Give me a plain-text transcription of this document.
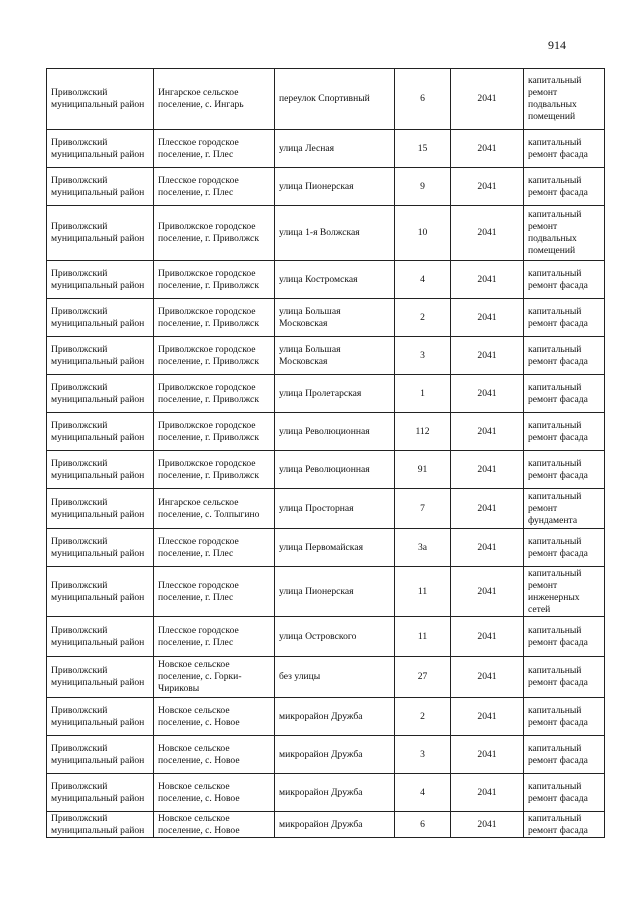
914
Приволжский муниципальный район	Ингарское сельское поселение, с. Ингарь	переулок Спортивный	6	2041	капитальный ремонт подвальных помещений
Приволжский муниципальный район	Плесское городское поселение, г. Плес	улица Лесная	15	2041	капитальный ремонт фасада
Приволжский муниципальный район	Плесское городское поселение, г. Плес	улица Пионерская	9	2041	капитальный ремонт фасада
Приволжский муниципальный район	Приволжское городское поселение, г. Приволжск	улица 1-я Волжская	10	2041	капитальный ремонт подвальных помещений
Приволжский муниципальный район	Приволжское городское поселение, г. Приволжск	улица Костромская	4	2041	капитальный ремонт фасада
Приволжский муниципальный район	Приволжское городское поселение, г. Приволжск	улица Большая Московская	2	2041	капитальный ремонт фасада
Приволжский муниципальный район	Приволжское городское поселение, г. Приволжск	улица Большая Московская	3	2041	капитальный ремонт фасада
Приволжский муниципальный район	Приволжское городское поселение, г. Приволжск	улица Пролетарская	1	2041	капитальный ремонт фасада
Приволжский муниципальный район	Приволжское городское поселение, г. Приволжск	улица Революционная	112	2041	капитальный ремонт фасада
Приволжский муниципальный район	Приволжское городское поселение, г. Приволжск	улица Революционная	91	2041	капитальный ремонт фасада
Приволжский муниципальный район	Ингарское сельское поселение, с. Толпыгино	улица Просторная	7	2041	капитальный ремонт фундамента
Приволжский муниципальный район	Плесское городское поселение, г. Плес	улица Первомайская	3а	2041	капитальный ремонт фасада
Приволжский муниципальный район	Плесское городское поселение, г. Плес	улица Пионерская	11	2041	капитальный ремонт инженерных сетей
Приволжский муниципальный район	Плесское городское поселение, г. Плес	улица Островского	11	2041	капитальный ремонт фасада
Приволжский муниципальный район	Новское сельское поселение, с. Горки-Чириковы	без улицы	27	2041	капитальный ремонт фасада
Приволжский муниципальный район	Новское сельское поселение, с. Новое	микрорайон Дружба	2	2041	капитальный ремонт фасада
Приволжский муниципальный район	Новское сельское поселение, с. Новое	микрорайон Дружба	3	2041	капитальный ремонт фасада
Приволжский муниципальный район	Новское сельское поселение, с. Новое	микрорайон Дружба	4	2041	капитальный ремонт фасада
Приволжский муниципальный район	Новское сельское поселение, с. Новое	микрорайон Дружба	6	2041	капитальный ремонт фасада
